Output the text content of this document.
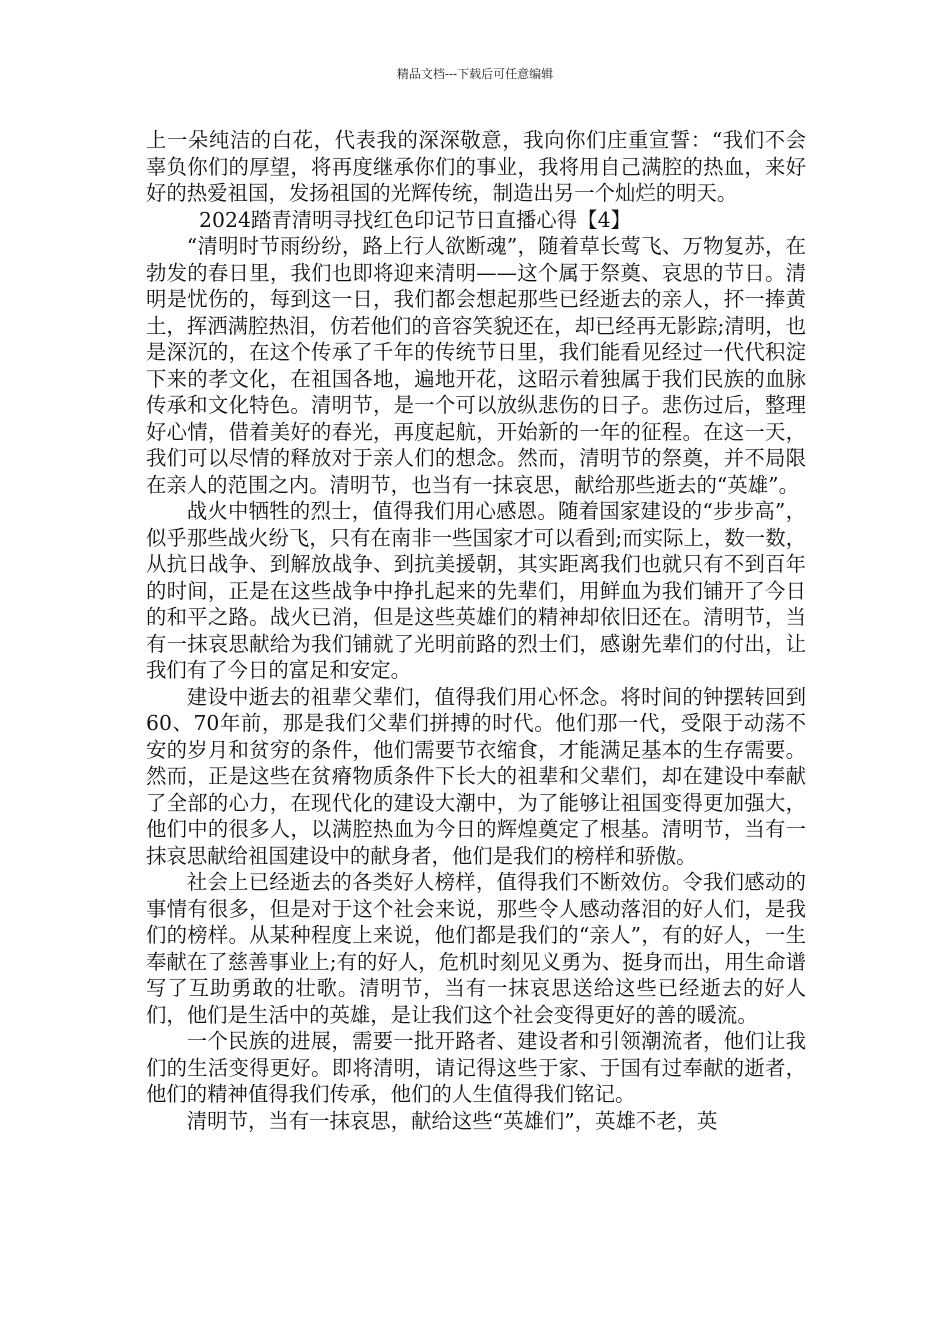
精品文档---下载后可任意编辑

上一朵纯洁的白花，代表我的深深敬意，我向你们庄重宣誓：“我们不会辜负你们的厚望，将再度继承你们的事业，我将用自己满腔的热血，来好好的热爱祖国，发扬祖国的光辉传统，制造出另一个灿烂的明天。

2024踏青清明寻找红色印记节日直播心得【4】

“清明时节雨纷纷，路上行人欲断魂”，随着草长莺飞、万物复苏，在勃发的春日里，我们也即将迎来清明——这个属于祭奠、哀思的节日。清明是忧伤的，每到这一日，我们都会想起那些已经逝去的亲人，抔一捧黄土，挥洒满腔热泪，仿若他们的音容笑貌还在，却已经再无影踪;清明，也是深沉的，在这个传承了千年的传统节日里，我们能看见经过一代代积淀下来的孝文化，在祖国各地，遍地开花，这昭示着独属于我们民族的血脉传承和文化特色。清明节，是一个可以放纵悲伤的日子。悲伤过后，整理好心情，借着美好的春光，再度起航，开始新的一年的征程。在这一天，我们可以尽情的释放对于亲人们的想念。然而，清明节的祭奠，并不局限在亲人的范围之内。清明节，也当有一抹哀思，献给那些逝去的“英雄”。

战火中牺牲的烈士，值得我们用心感恩。随着国家建设的“步步高”，似乎那些战火纷飞，只有在南非一些国家才可以看到;而实际上，数一数，从抗日战争、到解放战争、到抗美援朝，其实距离我们也就只有不到百年的时间，正是在这些战争中挣扎起来的先辈们，用鲜血为我们铺开了今日的和平之路。战火已消，但是这些英雄们的精神却依旧还在。清明节，当有一抹哀思献给为我们铺就了光明前路的烈士们，感谢先辈们的付出，让我们有了今日的富足和安定。

建设中逝去的祖辈父辈们，值得我们用心怀念。将时间的钟摆转回到60、70年前，那是我们父辈们拼搏的时代。他们那一代，受限于动荡不安的岁月和贫穷的条件，他们需要节衣缩食，才能满足基本的生存需要。然而，正是这些在贫瘠物质条件下长大的祖辈和父辈们，却在建设中奉献了全部的心力，在现代化的建设大潮中，为了能够让祖国变得更加强大，他们中的很多人，以满腔热血为今日的辉煌奠定了根基。清明节，当有一抹哀思献给祖国建设中的献身者，他们是我们的榜样和骄傲。

社会上已经逝去的各类好人榜样，值得我们不断效仿。令我们感动的事情有很多，但是对于这个社会来说，那些令人感动落泪的好人们，是我们的榜样。从某种程度上来说，他们都是我们的“亲人”，有的好人，一生奉献在了慈善事业上;有的好人，危机时刻见义勇为、挺身而出，用生命谱写了互助勇敢的壮歌。清明节，当有一抹哀思送给这些已经逝去的好人们，他们是生活中的英雄，是让我们这个社会变得更好的善的暖流。

一个民族的进展，需要一批开路者、建设者和引领潮流者，他们让我们的生活变得更好。即将清明，请记得这些于家、于国有过奉献的逝者，他们的精神值得我们传承，他们的人生值得我们铭记。

清明节，当有一抹哀思，献给这些“英雄们”，英雄不老，英
